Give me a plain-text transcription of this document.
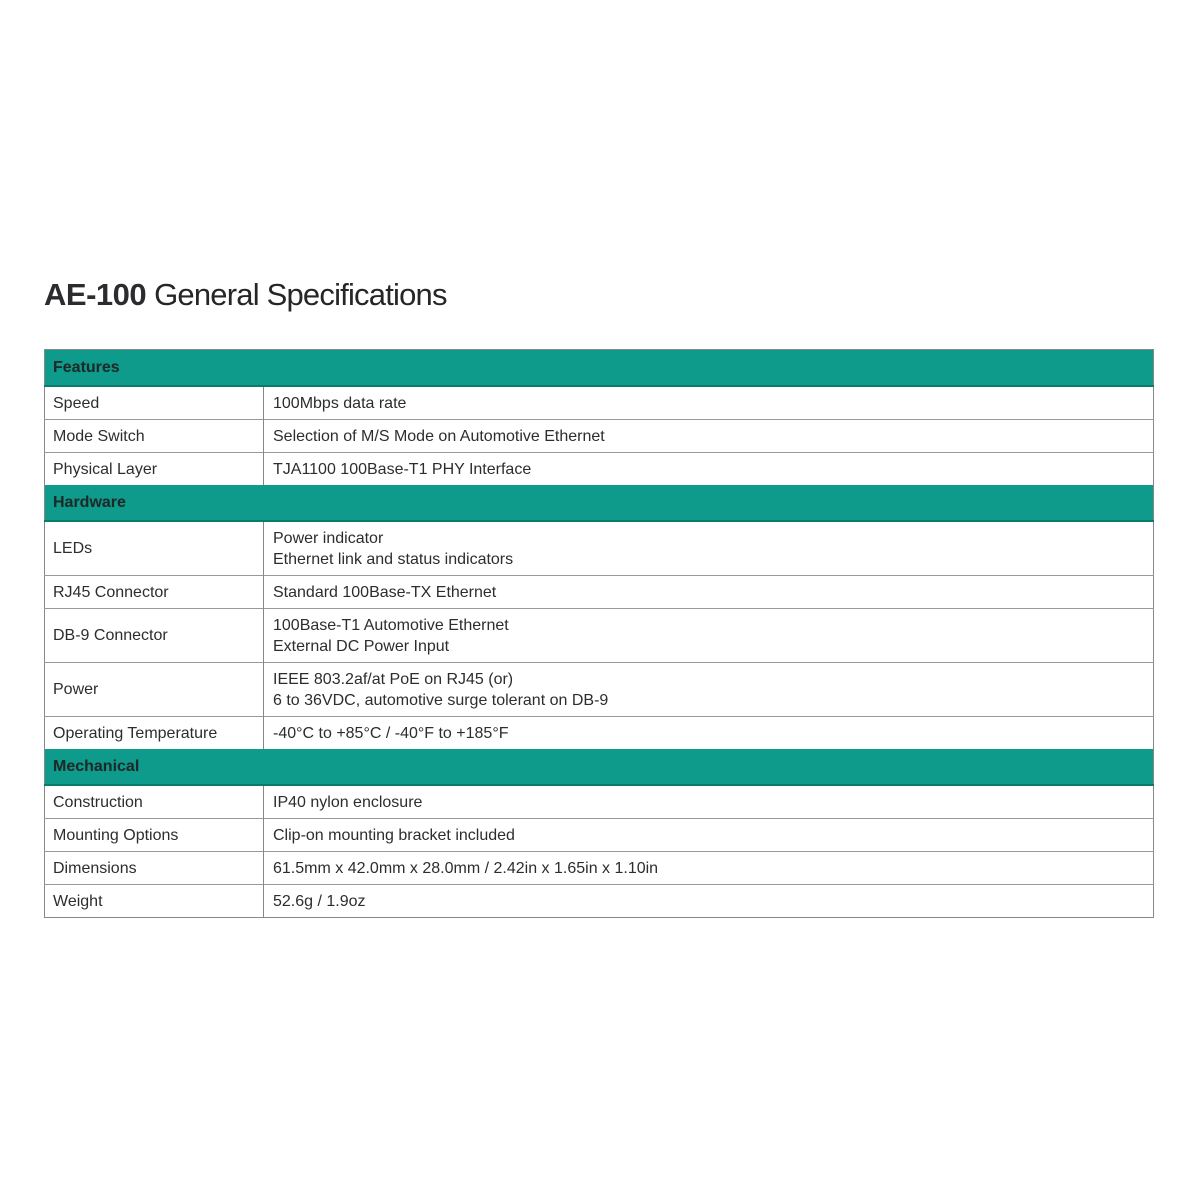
AE-100 General Specifications
Features	
Speed	100Mbps data rate

Mode Switch	Selection of M/S Mode on Automotive Ethernet

Physical Layer	TJA1100 100Base-T1 PHY Interface

Hardware	
LEDs	Power indicator
Ethernet link and status indicators

RJ45 Connector	Standard 100Base-TX Ethernet

DB-9 Connector	100Base-T1 Automotive Ethernet
External DC Power Input

Power	IEEE 803.2af/at PoE on RJ45 (or)
6 to 36VDC, automotive surge tolerant on DB-9

Operating Temperature	-40°C to +85°C / -40°F to +185°F

Mechanical	
Construction	IP40 nylon enclosure

Mounting Options	Clip-on mounting bracket included

Dimensions	61.5mm x 42.0mm x 28.0mm / 2.42in x 1.65in x 1.10in

Weight	52.6g / 1.9oz
